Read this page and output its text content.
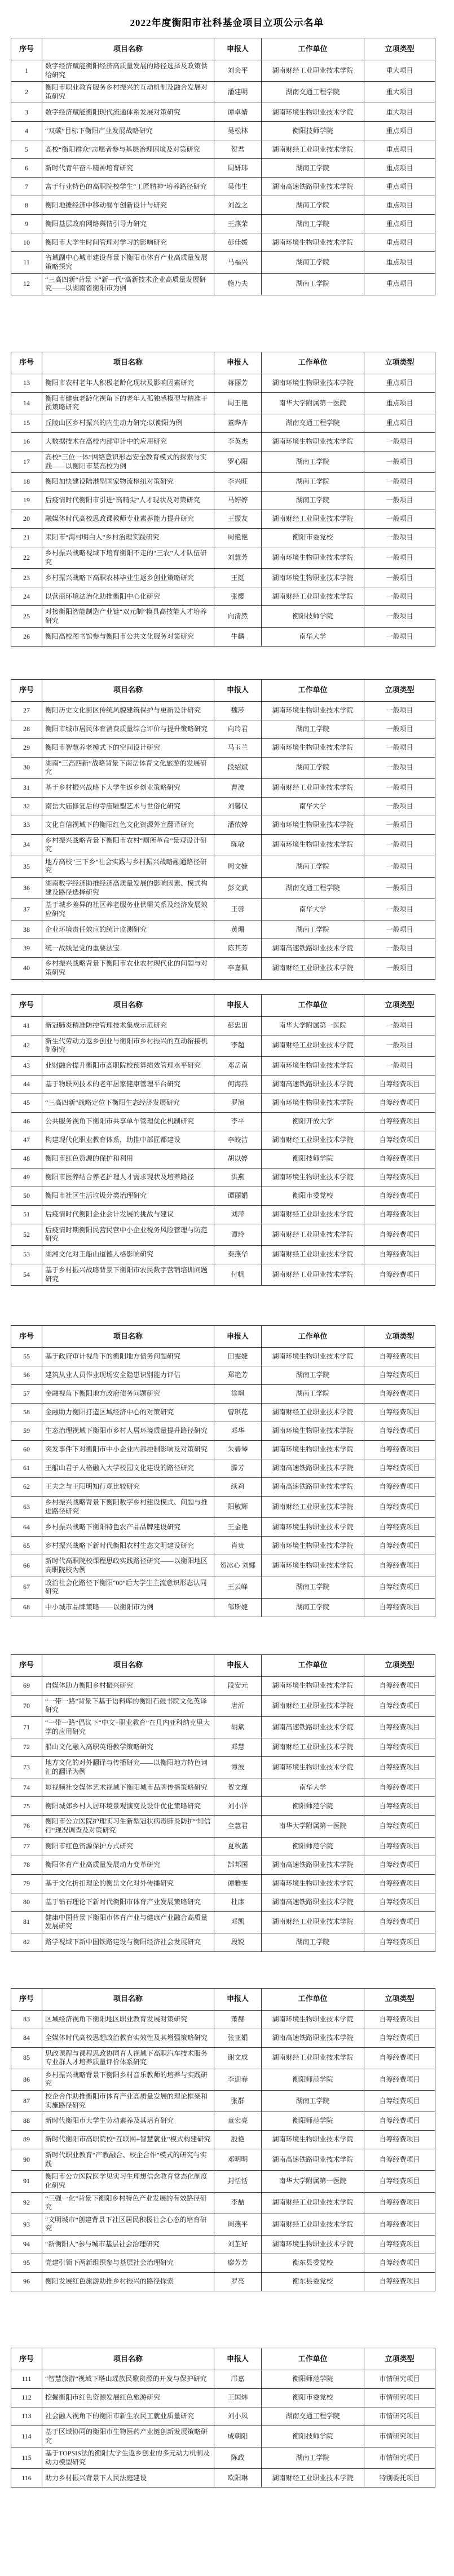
2022年度衡阳市社科基金项目立项公示名单
序号	项目名称	申报人	工作单位	立项类型
1	数字经济赋能衡阳经济高质量发展的路径选择及政策供给研究	刘会平	湖南财经工业职业技术学院	重大项目
2	衡阳市职业教育服务乡村振兴的互动机制及融合发展对策研究	潘建明	湖南交通工程学院	重大项目
3	数字经济赋能衡阳现代流通体系发展对策研究	谭卓婧	湖南环境生物职业技术学院	重大项目
4	“双碳”目标下衡阳产业发展战略研究	吴松林	衡阳技师学院	重点项目
5	高校“衡阳群众”志愿者参与基层治理困境及对策研究	贺君	湖南财经工业职业技术学院	重点项目
6	新时代青年奋斗精神培育研究	周妍玮	湖南工学院	重点项目
7	富于行业特色的高职院校学生“工匠精神”培养路径研究	吴伟生	湖南高速铁路职业技术学院	重点项目
8	衡阳地摊经济中移动餐车创新设计与研究	刘盈之	湖南工学院	重点项目
9	衡阳基层政府网络舆情引导力研究	王燕荣	湖南工学院	重点项目
10	衡阳市大学生时间管理对学习的影响研究	彭佳媛	湖南环境生物职业技术学院	重点项目
11	省域副中心城市建设背景下衡阳市体育产业高质量发展策略探究	马福兴	湖南工学院	重点项目
12	“三高四新”背景下“新一代”高新技术企业高质量发展研究——以湖南省衡阳市为例	施乃夫	湖南工学院	重点项目
序号	项目名称	申报人	工作单位	立项类型
13	衡阳市农村老年人积极老龄化现状及影响因素研究	蒋丽芳	湖南环境生物职业技术学院	重点项目
14	衡阳市健康老龄化视角下的老年人孤独感模型与精准干预策略研究	周王艳	南华大学附属第一医院	重点项目
15	丘陵山区乡村振兴的内生动力研究:以衡阳为例	董晔卉	湖南交通工程学院	重点项目
16	大数据技术在高校内部审计中的应用研究	李英杰	湖南环境生物职业技术学院	一般项目
17	高校“三位一体”网络意识形态安全教育模式的探索与实践——以衡阳市某高校为例	罗心阳	湖南工学院	一般项目
18	衡阳加快建设陆港型国家物流枢纽对策研究	李兴旺	湖南工学院	一般项目
19	后疫情时代衡阳市引进“高精尖”人才现状及对策研究	马婷婷	湖南工学院	一般项目
20	融媒体时代高校思政课教师专业素养能力提升研究	王振友	湖南财经工业职业技术学院	一般项目
21	耒阳市“湾村明白人”乡村治理实践研究	周艳艳	衡阳市委党校	一般项目
22	乡村振兴战略视域下培育衡阳不走的“三农”人才队伍研究	刘慧芳	湖南环境生物职业技术学院	一般项目
23	乡村振兴战略下高职农林毕业生返乡创业策略研究	王挺	湖南环境生物职业技术学院	一般项目
24	以营商环境法治化助推衡阳中心化研究	张樱	湖南财经工业职业技术学院	一般项目
25	对接衡阳智能制造产业链“双元制”模具高技能人才培养研究	向清然	衡阳技师学院	一般项目
26	衡阳高校图书馆参与衡阳市公共文化服务对策研究	牛麟	南华大学	一般项目
序号	项目名称	申报人	工作单位	立项类型
27	衡阳历史文化街区传统风貌建筑保护与更新设计研究	魏莎	湖南环境生物职业技术学院	一般项目
28	衡阳市城市居民体育消费质量综合评价与提升策略研究	向玲君	湖南工学院	一般项目
29	衡阳市智慧养老模式下的空间设计研究	马玉兰	湖南环境生物职业技术学院	一般项目
30	湖南“三高四新”战略背景下南岳体育文化旅游的发展研究	段绍斌	湖南工学院	一般项目
31	基于乡村振兴战略下大学生返乡创业策略研究	曹波	湖南财经工业职业技术学院	一般项目
32	南岳大庙修复后的寺庙雕塑艺术与世俗化研究	刘馨仪	南华大学	一般项目
33	文化自信视域下的衡阳红色文化资源外宣翻译研究	潘依婷	湖南环境生物职业技术学院	一般项目
34	乡村振兴战略背景下衡阳市农村“厕所革命”景观设计研究	陈敏	湖南环境生物职业技术学院	一般项目
35	地方高校“三下乡”社会实践与乡村振兴战略融通路径研究	周文婕	湖南工学院	一般项目
36	湖南数字经济助推经济高质量发展的影响因素、模式构建及路径选择研究	彭文武	湖南交通工程学院	一般项目
37	基于城乡差异的社区养老服务业供需关系及经济发展效应研究	王蓉	南华大学	一般项目
38	企业环境责任效应的统计监测研究	黄珊	湖南工学院	一般项目
39	统一战线是党的重要法宝	陈其芳	湖南高速铁路职业技术学院	一般项目
40	乡村振兴战略背景下衡阳市农业农村现代化的问题与对策研究	李嘉佩	湖南财经工业职业技术学院	一般项目
序号	项目名称	申报人	工作单位	立项类型
41	新冠肺炎精准防控管理技术集成示范研究	彭忠田	南华大学附属第一医院	一般项目
42	新生代劳动力返乡创业与衡阳市乡村振兴的互动衔接机制研究	李超	湖南财经工业职业技术学院	一般项目
43	业财融合提升衡阳市高职院校预算绩效管理水平研究	邓岳南	湖南环境生物职业技术学院	一般项目
44	基于物联网技术的老年居家健康管理平台研究	何海燕	湖南高速铁路职业技术学院	自筹经费项目
45	“三高四新”战略定位下衡阳生态经济发展研究	罗演	湖南环境生物职业技术学院	自筹经费项目
46	公共服务视角下衡阳市共享单车管理优化机制研究	李平	衡阳开放大学	自筹经费项目
47	构建现代化职业教育体系，助推中部匠都建设	李皎洁	湖南财经工业职业技术学院	自筹经费项目
48	衡阳市红色资源的保护和利用	胡以婷	衡阳技师学院	自筹经费项目
49	衡阳市医养结合养老护理人才需求现状及培养路径	洪燕	湖南环境生物职业技术学院	自筹经费项目
50	衡阳市社区生活垃圾分类治理研究	谭丽娟	衡阳市委党校	自筹经费项目
51	后疫情时代衡阳企业会计发展的挑战与建议	刘萍	湖南财经工业职业技术学院	自筹经费项目
52	后疫情时期衡阳民营民营中小企业税务风险管理与防范研究	谭玲	湖南财经工业职业技术学院	自筹经费项目
53	湖湘文化对王船山道德人格影响研究	秦燕华	湖南财经工业职业技术学院	自筹经费项目
54	基于乡村振兴战略背景下衡阳市农民数字营销培训问题研究	付帆	湖南财经工业职业技术学院	自筹经费项目
序号	项目名称	申报人	工作单位	立项类型
55	基于政府审计视角下的衡阳地方债务问题研究	田雯婕	湖南环境生物职业技术学院	自筹经费项目
56	建筑从业人员作业现场安全隐患识别能力评估	郑艳芳	湖南工学院	自筹经费项目
57	金融视角下衡阳地方政府债务问题研究	徐飒	湖南工学院	自筹经费项目
58	金融助力衡阳打造区域经济中心的对策研究	曾琪花	湖南财经工业职业技术学院	自筹经费项目
59	生态治理视域下衡阳市乡村人居环境质量提升路径研究	邓华	湖南环境生物职业技术学院	自筹经费项目
60	突发事件下对衡阳市中小企业内部控制影响及对策研究	朱碧琴	湖南环境生物职业技术学院	自筹经费项目
61	王船山君子人格融入大学校园文化建设的路径研究	滕芳	湖南高速铁路职业技术学院	自筹经费项目
62	王夫之与王阳明知行观比较研究	续莉	湖南高速铁路职业技术学院	自筹经费项目
63	乡村振兴战略背景下衡阳数字乡村建设模式、问题与推进路径研究	阳敏辉	湖南财经工业职业技术学院	自筹经费项目
64	乡村振兴战略下衡阳特色农产品品牌建设研究	王金艳	湖南环境生物职业技术学院	自筹经费项目
65	乡村振兴战略下新时代衡阳农村生态文明建设研究	肖贵	湖南环境生物职业技术学院	自筹经费项目
66	新时代高职院校课程思政实践路径研究——以衡阳地区高职院校为例	贺冰心 刘娜	湖南环境生物职业技术学院	自筹经费项目
67	政治社会化路径下衡阳“00”后大学生主流意识形态认同研究	王云峰	湖南工学院	自筹经费项目
68	中小城市品牌策略——以衡阳市为例	邹斯婕	湖南工学院	自筹经费项目
序号	项目名称	申报人	工作单位	立项类型
69	自媒体助力衡阳乡村振兴研究	段安元	湖南环境生物职业技术学院	自筹经费项目
70	“一带一路”背景下基于语料库的衡阳石鼓书院文化英译研究	唐沂	湖南财经工业职业技术学院	自筹经费项目
71	“一带一路”倡议下“中文+职业教育”在几内亚科纳克里大学的应用研究	胡斌	湖南高速铁路职业技术学院	自筹经费项目
72	船山文化融入高职英语教学策略研究	邓慧	湖南财经工业职业技术学院	自筹经费项目
73	地方文化的对外翻译与传播研究——以衡阳地方特色词汇的翻译为例	谭波	湖南环境生物职业技术学院	自筹经费项目
74	短视频社交媒体艺术视域下衡阳城市品牌传播策略研究	贺文瑾	南华大学	自筹经费项目
75	衡阳城郊乡村人居环境景观演变及设计优化策略研究	刘小洋	衡阳师范学院	自筹经费项目
76	衡阳市公立医院护理实习生新型冠状病毒肺炎防护“知信行”现况调查及对策研究	全慧君	南华大学附属第一医院	自筹经费项目
77	衡阳市红色资源保护方式研究	夏秋菡	衡阳师范学院	自筹经费项目
78	衡阳体育产业高质量发展动力变革研究	郜邦国	湖南高速铁路职业技术学院	自筹经费项目
79	基于文化折扣理论的衡岳文化对外传播研究	谭雅雯	湖南环境生物职业技术学院	自筹经费项目
80	基于钻石理论下新时代衡阳市体育产业发展策略研究	杜康	湖南高速铁路职业技术学院	自筹经费项目
81	健康中国背景下衡阳市体育产业与健康产业融合高质量发展研究	邓凯	湖南财经工业职业技术学院	自筹经费项目
82	路学视域下新中国铁路建设与衡阳经济社会发展研究	段锐	湖南工学院	自筹经费项目
序号	项目名称	申报人	工作单位	立项类型
83	区域经济视角下衡阳地区职业教育发展对策研究	萧赫	湖南环境生物职业技术学院	自筹经费项目
84	全媒体时代高校思想政治教育实效性及其增强策略研究	张亚娟	湖南高速铁路职业技术学院	自筹经费项目
85	思政课程与课程思政协同育人视域下高职汽车技术服务专业群人才培养质量评价体系研究	谢文成	湖南财经工业职业技术学院	自筹经费项目
86	乡村振兴战略背景下衡阳乡村音乐教师的培养与实践研究	李迎春	衡阳师范学院	自筹经费项目
87	校企合作助推衡阳市体育产业高质量发展的理论框架和实施路径研究	张群	湖南工学院	自筹经费项目
88	新时代衡阳市大学生劳动素养及其培育研究	童宏亮	衡阳师范学院	自筹经费项目
89	新时代衡阳市高职院校“互联网+智慧就业”模式构建研究	殷艳	湖南环境生物职业技术学院	自筹经费项目
90	新时代职业教育“产教融合、校企合作”模式的研究与实践	邓明明	湖南高速铁路职业技术学院	自筹经费项目
91	衡阳市公立医院医学见实习生理想信念教育常态化制度化研究	封恬恬	南华大学附属第一医院	自筹经费项目
92	“三强一化”背景下衡阳乡村特色产业发展的有效路径研究	李喆	湖南财经工业职业技术学院	自筹经费项目
93	“文明城市”创建背景下社区居民积极社会心态的培育研究	周燕平	湖南财经工业职业技术学院	自筹经费项目
94	“新衡阳人”参与城市基层社会治理研究	刘芷好	湖南环境生物职业技术学院	自筹经费项目
95	党建引领下两新组织参与基层社会治理研究	廖芳芳	衡东县委党校	自筹经费项目
96	衡阳发展红色旅游助推乡村振兴的路径探索	罗亮	衡东县委党校	自筹经费项目
序号	项目名称	申报人	工作单位	立项类型
111	“智慧旅游”视域下塔山瑶族民歌资源的开发与保护研究	邝嘉	衡阳师范学院	市情研究项目
112	挖掘衡阳市红色资源发展红色旅游研究	王国炜	衡阳市委党校	市情研究项目
113	社会融入视角下的衡阳市新生农民工就业质量研究	刘小凤	湖南交通工程学院	市情研究项目
114	基于区域协同的衡阳市生物医药产业链创新发展策略研究	成朝阳	衡阳技师学院	市情研究项目
115	基于TOPSIS法的衡阳大学生返乡创业的多元动力机制及动力模型研究	陈政	湖南工学院	市情研究项目
116	助力乡村振兴背景下人民法庭建设	欧阳琳	湖南财经工业职业技术学院	特别委托项目
